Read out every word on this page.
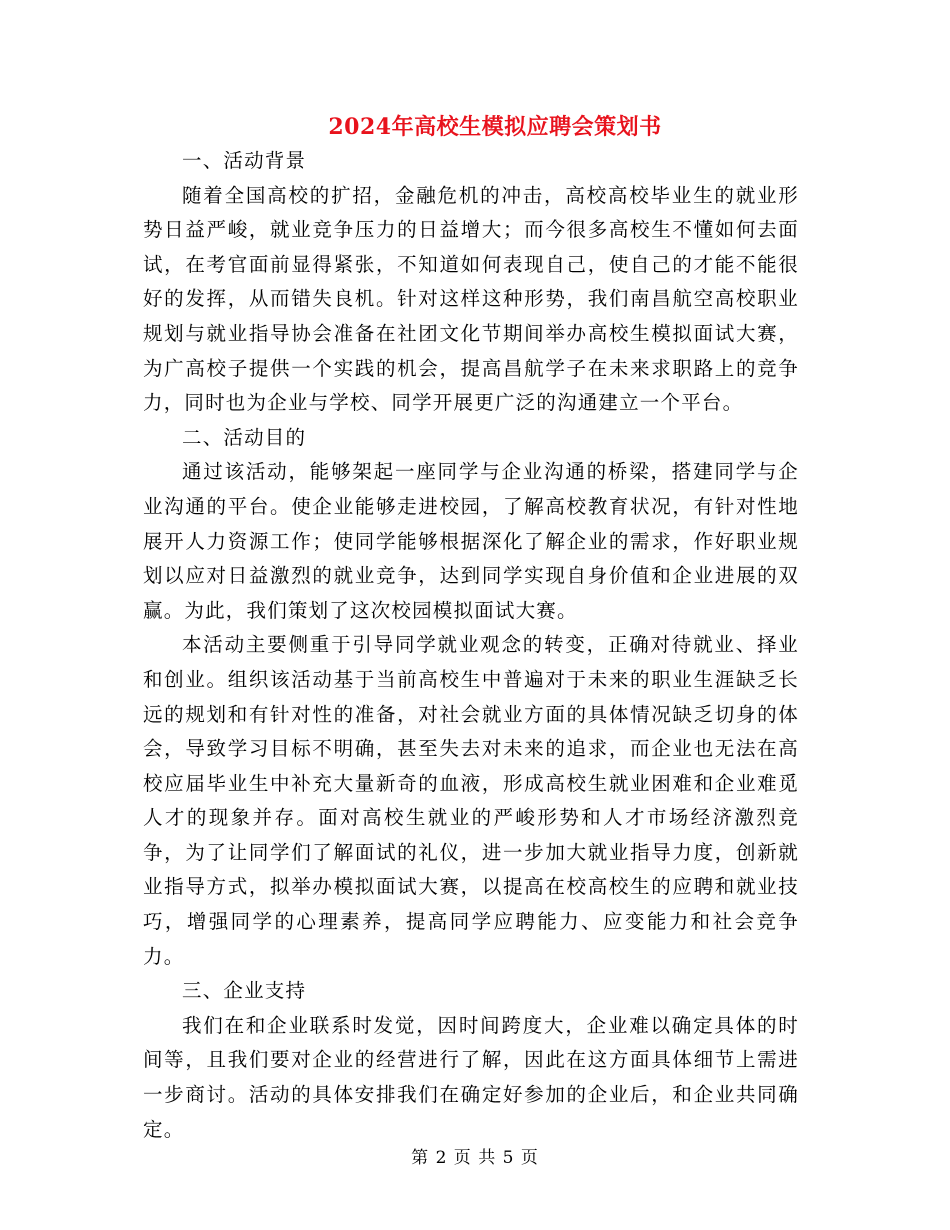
2024年高校生模拟应聘会策划书

一、活动背景

随着全国高校的扩招，金融危机的冲击，高校高校毕业生的就业形势日益严峻，就业竞争压力的日益增大；而今很多高校生不懂如何去面试，在考官面前显得紧张，不知道如何表现自己，使自己的才能不能很好的发挥，从而错失良机。针对这样这种形势，我们南昌航空高校职业规划与就业指导协会准备在社团文化节期间举办高校生模拟面试大赛，为广高校子提供一个实践的机会，提高昌航学子在未来求职路上的竞争力，同时也为企业与学校、同学开展更广泛的沟通建立一个平台。

二、活动目的

通过该活动，能够架起一座同学与企业沟通的桥梁，搭建同学与企业沟通的平台。使企业能够走进校园，了解高校教育状况，有针对性地展开人力资源工作；使同学能够根据深化了解企业的需求，作好职业规划以应对日益激烈的就业竞争，达到同学实现自身价值和企业进展的双赢。为此，我们策划了这次校园模拟面试大赛。

本活动主要侧重于引导同学就业观念的转变，正确对待就业、择业和创业。组织该活动基于当前高校生中普遍对于未来的职业生涯缺乏长远的规划和有针对性的准备，对社会就业方面的具体情况缺乏切身的体会，导致学习目标不明确，甚至失去对未来的追求，而企业也无法在高校应届毕业生中补充大量新奇的血液，形成高校生就业困难和企业难觅人才的现象并存。面对高校生就业的严峻形势和人才市场经济激烈竞争，为了让同学们了解面试的礼仪，进一步加大就业指导力度，创新就业指导方式，拟举办模拟面试大赛，以提高在校高校生的应聘和就业技巧，增强同学的心理素养，提高同学应聘能力、应变能力和社会竞争力。

三、企业支持

我们在和企业联系时发觉，因时间跨度大，企业难以确定具体的时间等，且我们要对企业的经营进行了解，因此在这方面具体细节上需进一步商讨。活动的具体安排我们在确定好参加的企业后，和企业共同确定。

第 2 页 共 5 页
